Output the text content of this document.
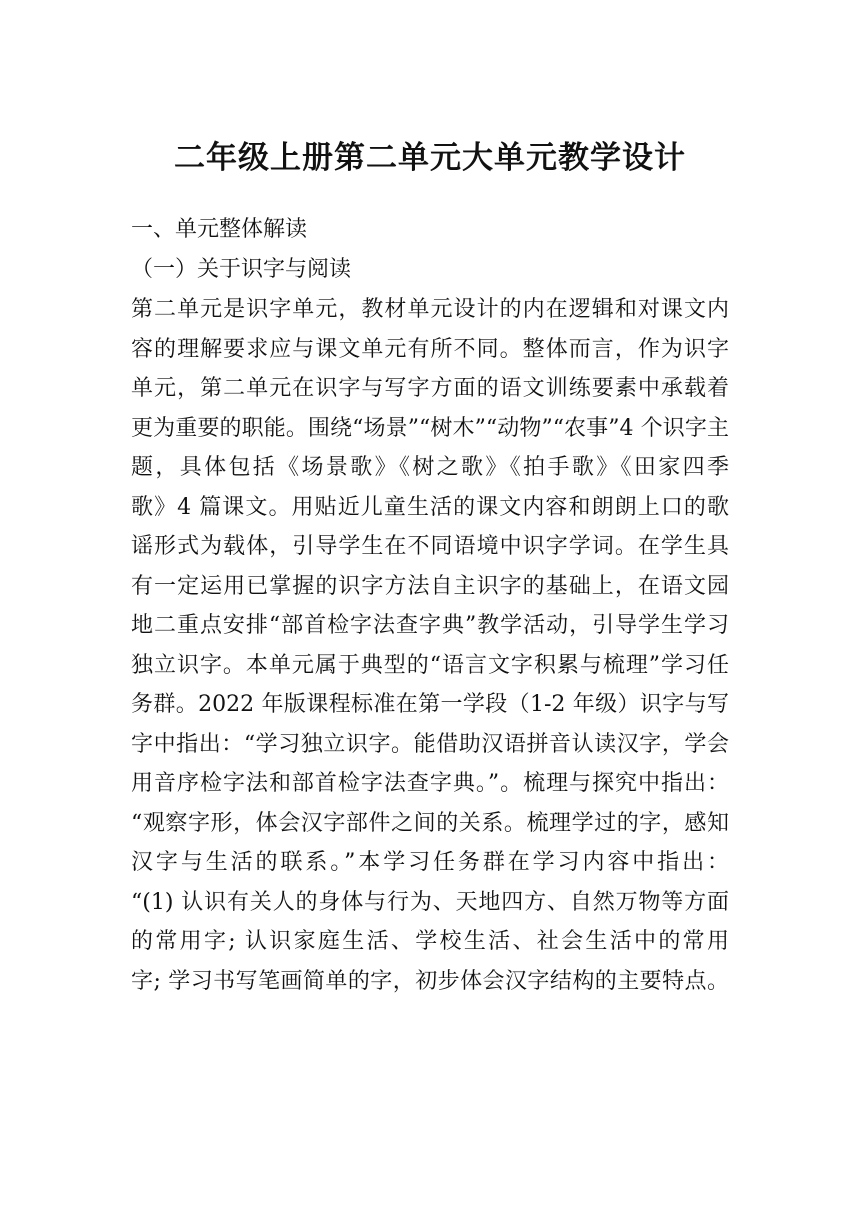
二年级上册第二单元大单元教学设计

一、单元整体解读

（一）关于识字与阅读

第二单元是识字单元，教材单元设计的内在逻辑和对课文内
容的理解要求应与课文单元有所不同。整体而言，作为识字
单元，第二单元在识字与写字方面的语文训练要素中承载着
更为重要的职能。围绕“场景”“树木”“动物”“农事”4 个识字主
题，具体包括《场景歌》《树之歌》《拍手歌》《田家四季
歌》4 篇课文。用贴近儿童生活的课文内容和朗朗上口的歌
谣形式为载体，引导学生在不同语境中识字学词。在学生具
有一定运用已掌握的识字方法自主识字的基础上，在语文园
地二重点安排“部首检字法查字典”教学活动，引导学生学习
独立识字。本单元属于典型的“语言文字积累与梳理”学习任
务群。2022 年版课程标准在第一学段（1-2 年级）识字与写
字中指出：“学习独立识字。能借助汉语拼音认读汉字，学会
用音序检字法和部首检字法查字典。”。梳理与探究中指出：
“观察字形，体会汉字部件之间的关系。梳理学过的字，感知
汉字与生活的联系。”本学习任务群在学习内容中指出：
“(1) 认识有关人的身体与行为、天地四方、自然万物等方面
的常用字; 认识家庭生活、学校生活、社会生活中的常用
字; 学习书写笔画简单的字，初步体会汉字结构的主要特点。
